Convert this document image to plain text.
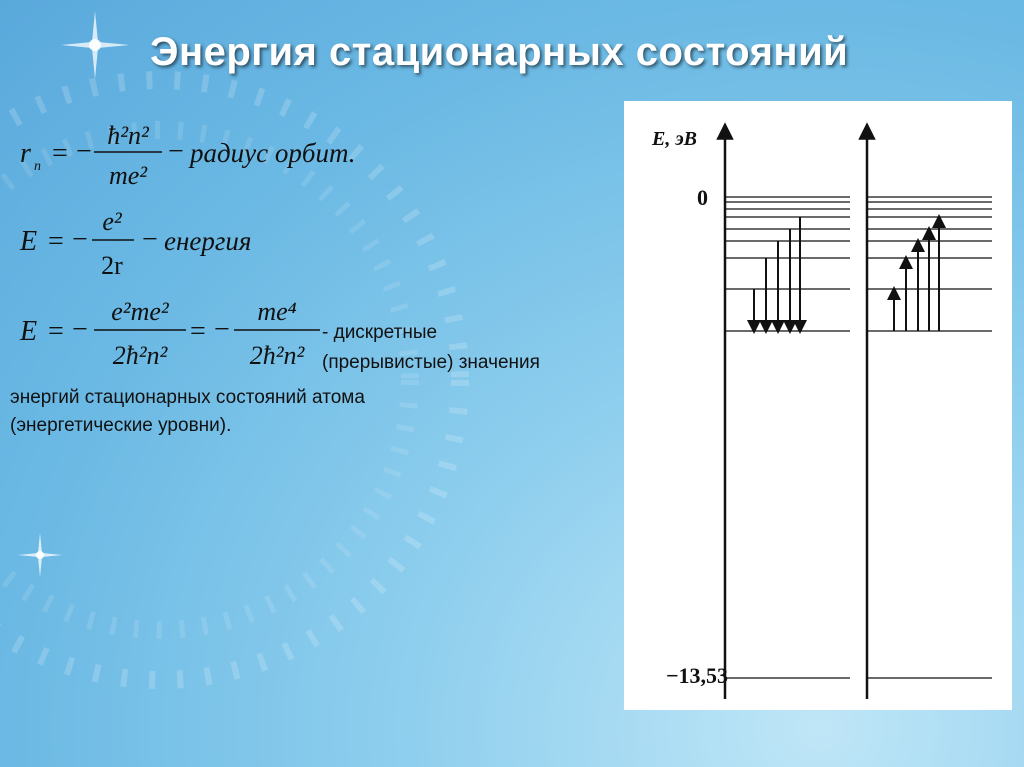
Энергия стационарных состояний
r n = −
ħ²n²
me²
− радиус орбит.
E = −
e²
2r
− енергия
E = −
e²me²
2ħ²n²
= −
me⁴
2ħ²n²
- дискретные
(прерывистые) значения

энергий стационарных состояний атома

(энергетические уровни).

E, эВ
0
−13,53
